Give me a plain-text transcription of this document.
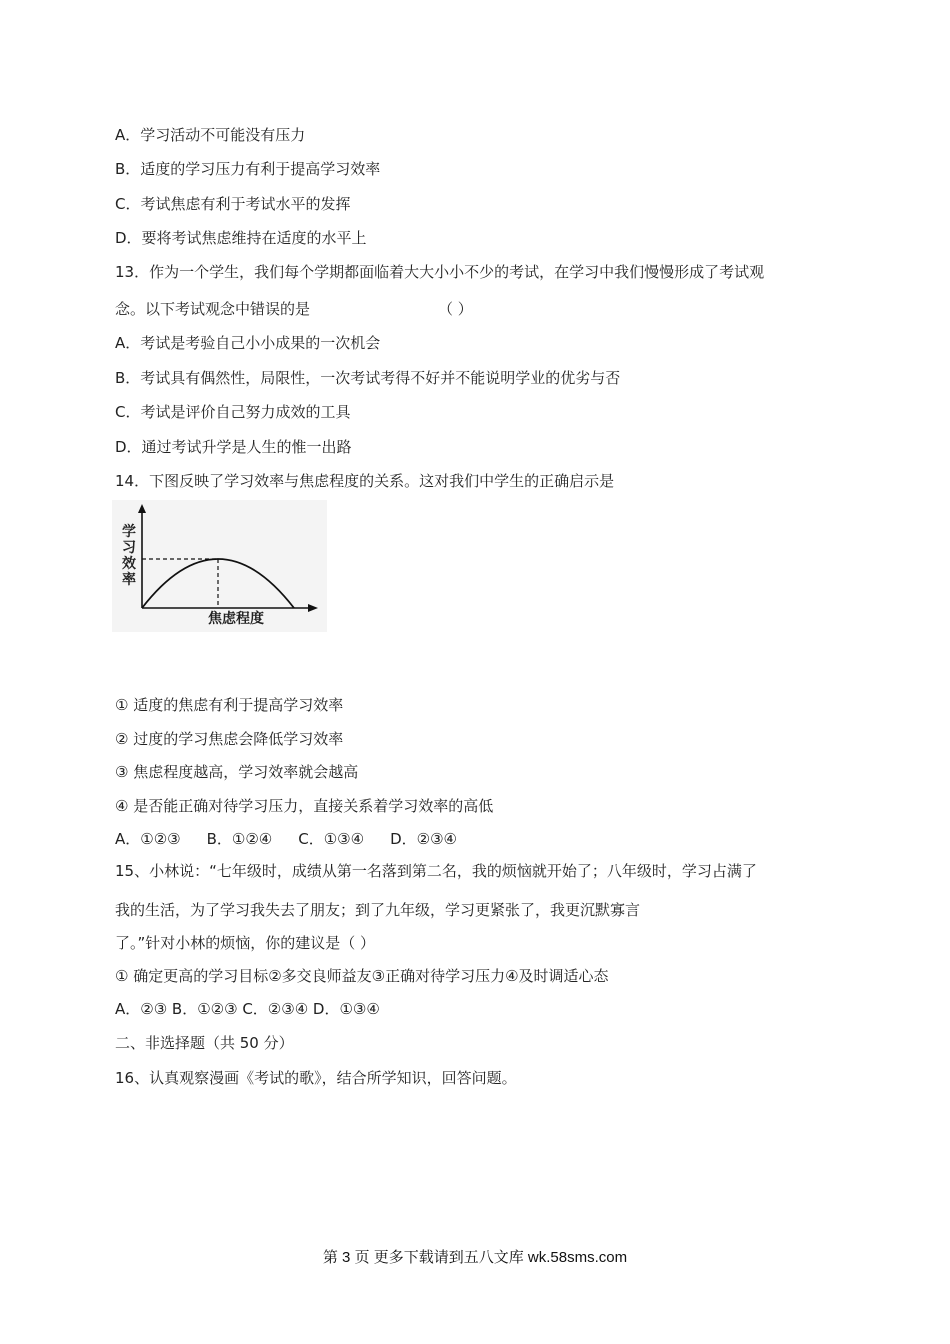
A．学习活动不可能没有压力
B．适度的学习压力有利于提高学习效率
C．考试焦虑有利于考试水平的发挥
D．要将考试焦虑维持在适度的水平上
13．作为一个学生，我们每个学期都面临着大大小小不少的考试，在学习中我们慢慢形成了考试观
念。以下考试观念中错误的是	（ ）
A．考试是考验自己小小成果的一次机会
B．考试具有偶然性，局限性，一次考试考得不好并不能说明学业的优劣与否
C．考试是评价自己努力成效的工具
D．通过考试升学是人生的惟一出路
14．下图反映了学习效率与焦虑程度的关系。这对我们中学生的正确启示是
学习效率
焦虑程度
① 适度的焦虑有利于提高学习效率
② 过度的学习焦虑会降低学习效率
③ 焦虑程度越高，学习效率就会越高
④ 是否能正确对待学习压力，直接关系着学习效率的高低
A．①②③ B．①②④ C．①③④ D．②③④
15、小林说：“七年级时，成绩从第一名落到第二名，我的烦恼就开始了；八年级时，学习占满了
我的生活，为了学习我失去了朋友；到了九年级，学习更紧张了，我更沉默寡言
了。”针对小林的烦恼，你的建议是（ ）
① 确定更高的学习目标②多交良师益友③正确对待学习压力④及时调适心态
A．②③ B．①②③ C．②③④ D．①③④
二、非选择题（共 50 分）
16、认真观察漫画《考试的歌》，结合所学知识，回答问题。
第 3 页 更多下载请到五八文库 wk.58sms.com
